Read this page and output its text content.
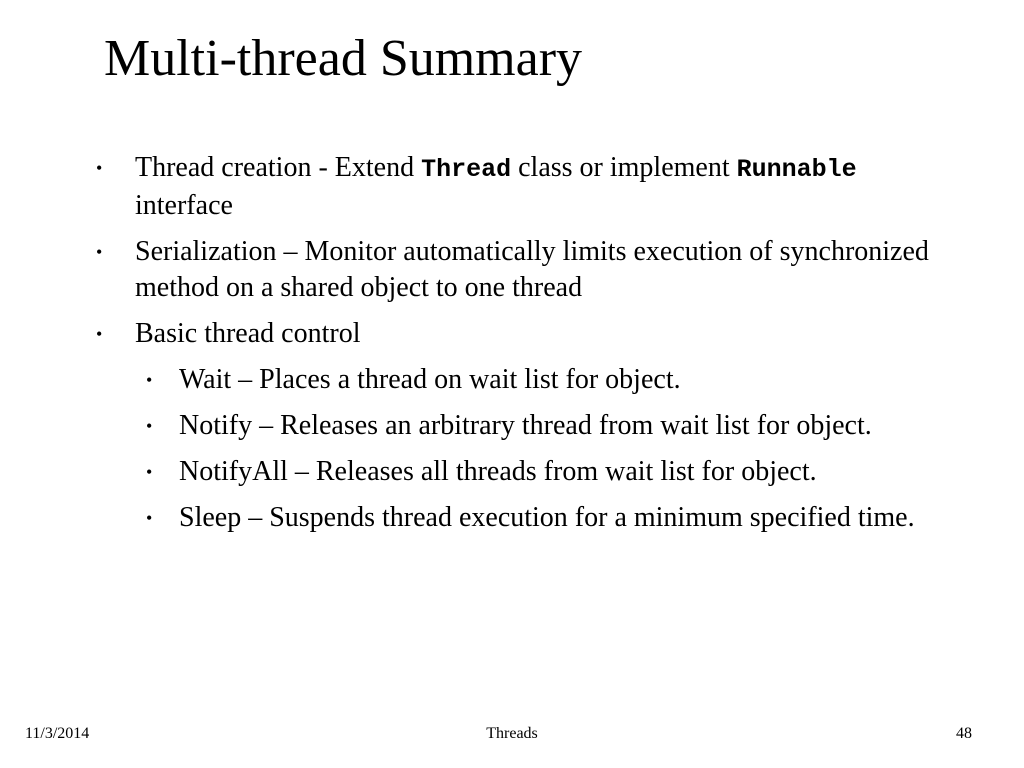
Multi-thread Summary
• Thread creation - Extend Thread class or implement Runnable interface
• Serialization – Monitor automatically limits execution of synchronized method on a shared object to one thread
• Basic thread control
• Wait – Places a thread on wait list for object.
• Notify – Releases an arbitrary thread from wait list for object.
• NotifyAll – Releases all threads from wait list for object.
• Sleep – Suspends thread execution for a minimum specified time.
11/3/2014	Threads	48
